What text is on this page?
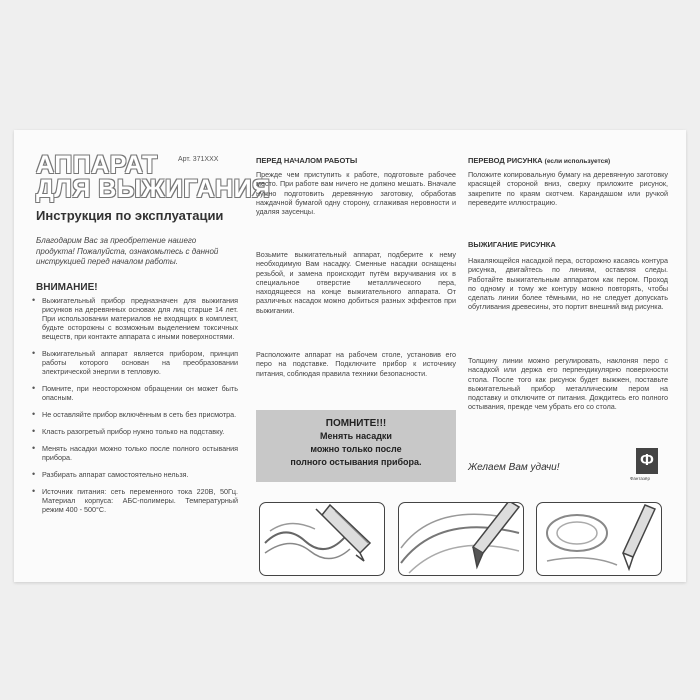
АППАРАТ
ДЛЯ ВЫЖИГАНИЯ
Арт. 371XXX
Инструкция по эксплуатации
Благодарим Вас за преобретение нашего продукта! Пожалуйста, ознакомьтесь с данной инструкцией перед началом работы.
ВНИМАНИЕ!
• Выжигательный прибор предназначен для выжигания рисунков на деревянных основах для лиц старше 14 лет. При использовании материалов не входящих в комплект, будьте осторожны с возможным выделением токсичных веществ, при контакте аппарата с иными поверхностями.
• Выжигательный аппарат является прибором, принцип работы которого основан на преобразовании электрической энергии в тепловую.
• Помните, при неосторожном обращении он может быть опасным.
• Не оставляйте прибор включённым в сеть без присмотра.
• Класть разогретый прибор нужно только на подставку.
• Менять насадки можно только после полного остывания прибора.
• Разбирать аппарат самостоятельно нельзя.
• Источник питания: сеть переменного тока 220В, 50Гц. Материал корпуса: АБС-полимеры. Температурный режим 400 - 500°С.
ПЕРЕД НАЧАЛОМ РАБОТЫ
Прежде чем приступить к работе, подготовьте рабочее место. При работе вам ничего не должно мешать. Вначале нужно подготовить деревянную заготовку, обработав наждачной бумагой одну сторону, сглаживая неровности и удаляя заусенцы.
Возьмите выжигательный аппарат, подберите к нему необходимую Вам насадку. Сменные насадки оснащены резьбой, и замена происходит путём вкручивания их в специальное отверстие металлического пера, находящееся на конце выжигательного аппарата. От различных насадок можно добиться разных эффектов при выжигании.
Расположите аппарат на рабочем столе, установив его перо на подставке. Подключите прибор к источнику питания, соблюдая правила техники безопасности.
ПОМНИТЕ!!!
Менять насадки
можно только после
полного остывания прибора.
ПЕРЕВОД РИСУНКА (если используется)
Положите копировальную бумагу на деревянную заготовку красящей стороной вниз, сверху приложите рисунок, закрепите по краям скотчем. Карандашом или ручкой переведите иллюстрацию.
ВЫЖИГАНИЕ РИСУНКА
Накаляющейся насадкой пера, осторожно касаясь контура рисунка, двигайтесь по линиям, оставляя следы. Работайте выжигательным аппаратом как пером. Проход по одному и тому же контуру можно повторять, чтобы сделать линии более тёмными, но не следует допускать обугливания древесины, это портит внешний вид рисунка.
Толщину линии можно регулировать, наклоняя перо с насадкой или держа его перпендикулярно поверхности стола. После того как рисунок будет выжжен, поставьте выжигательный прибор металлическим пером на подставку и отключите от питания. Дождитесь его полного остывания, прежде чем убрать его со стола.
Желаем Вам удачи!	Ф
Фантазёр
